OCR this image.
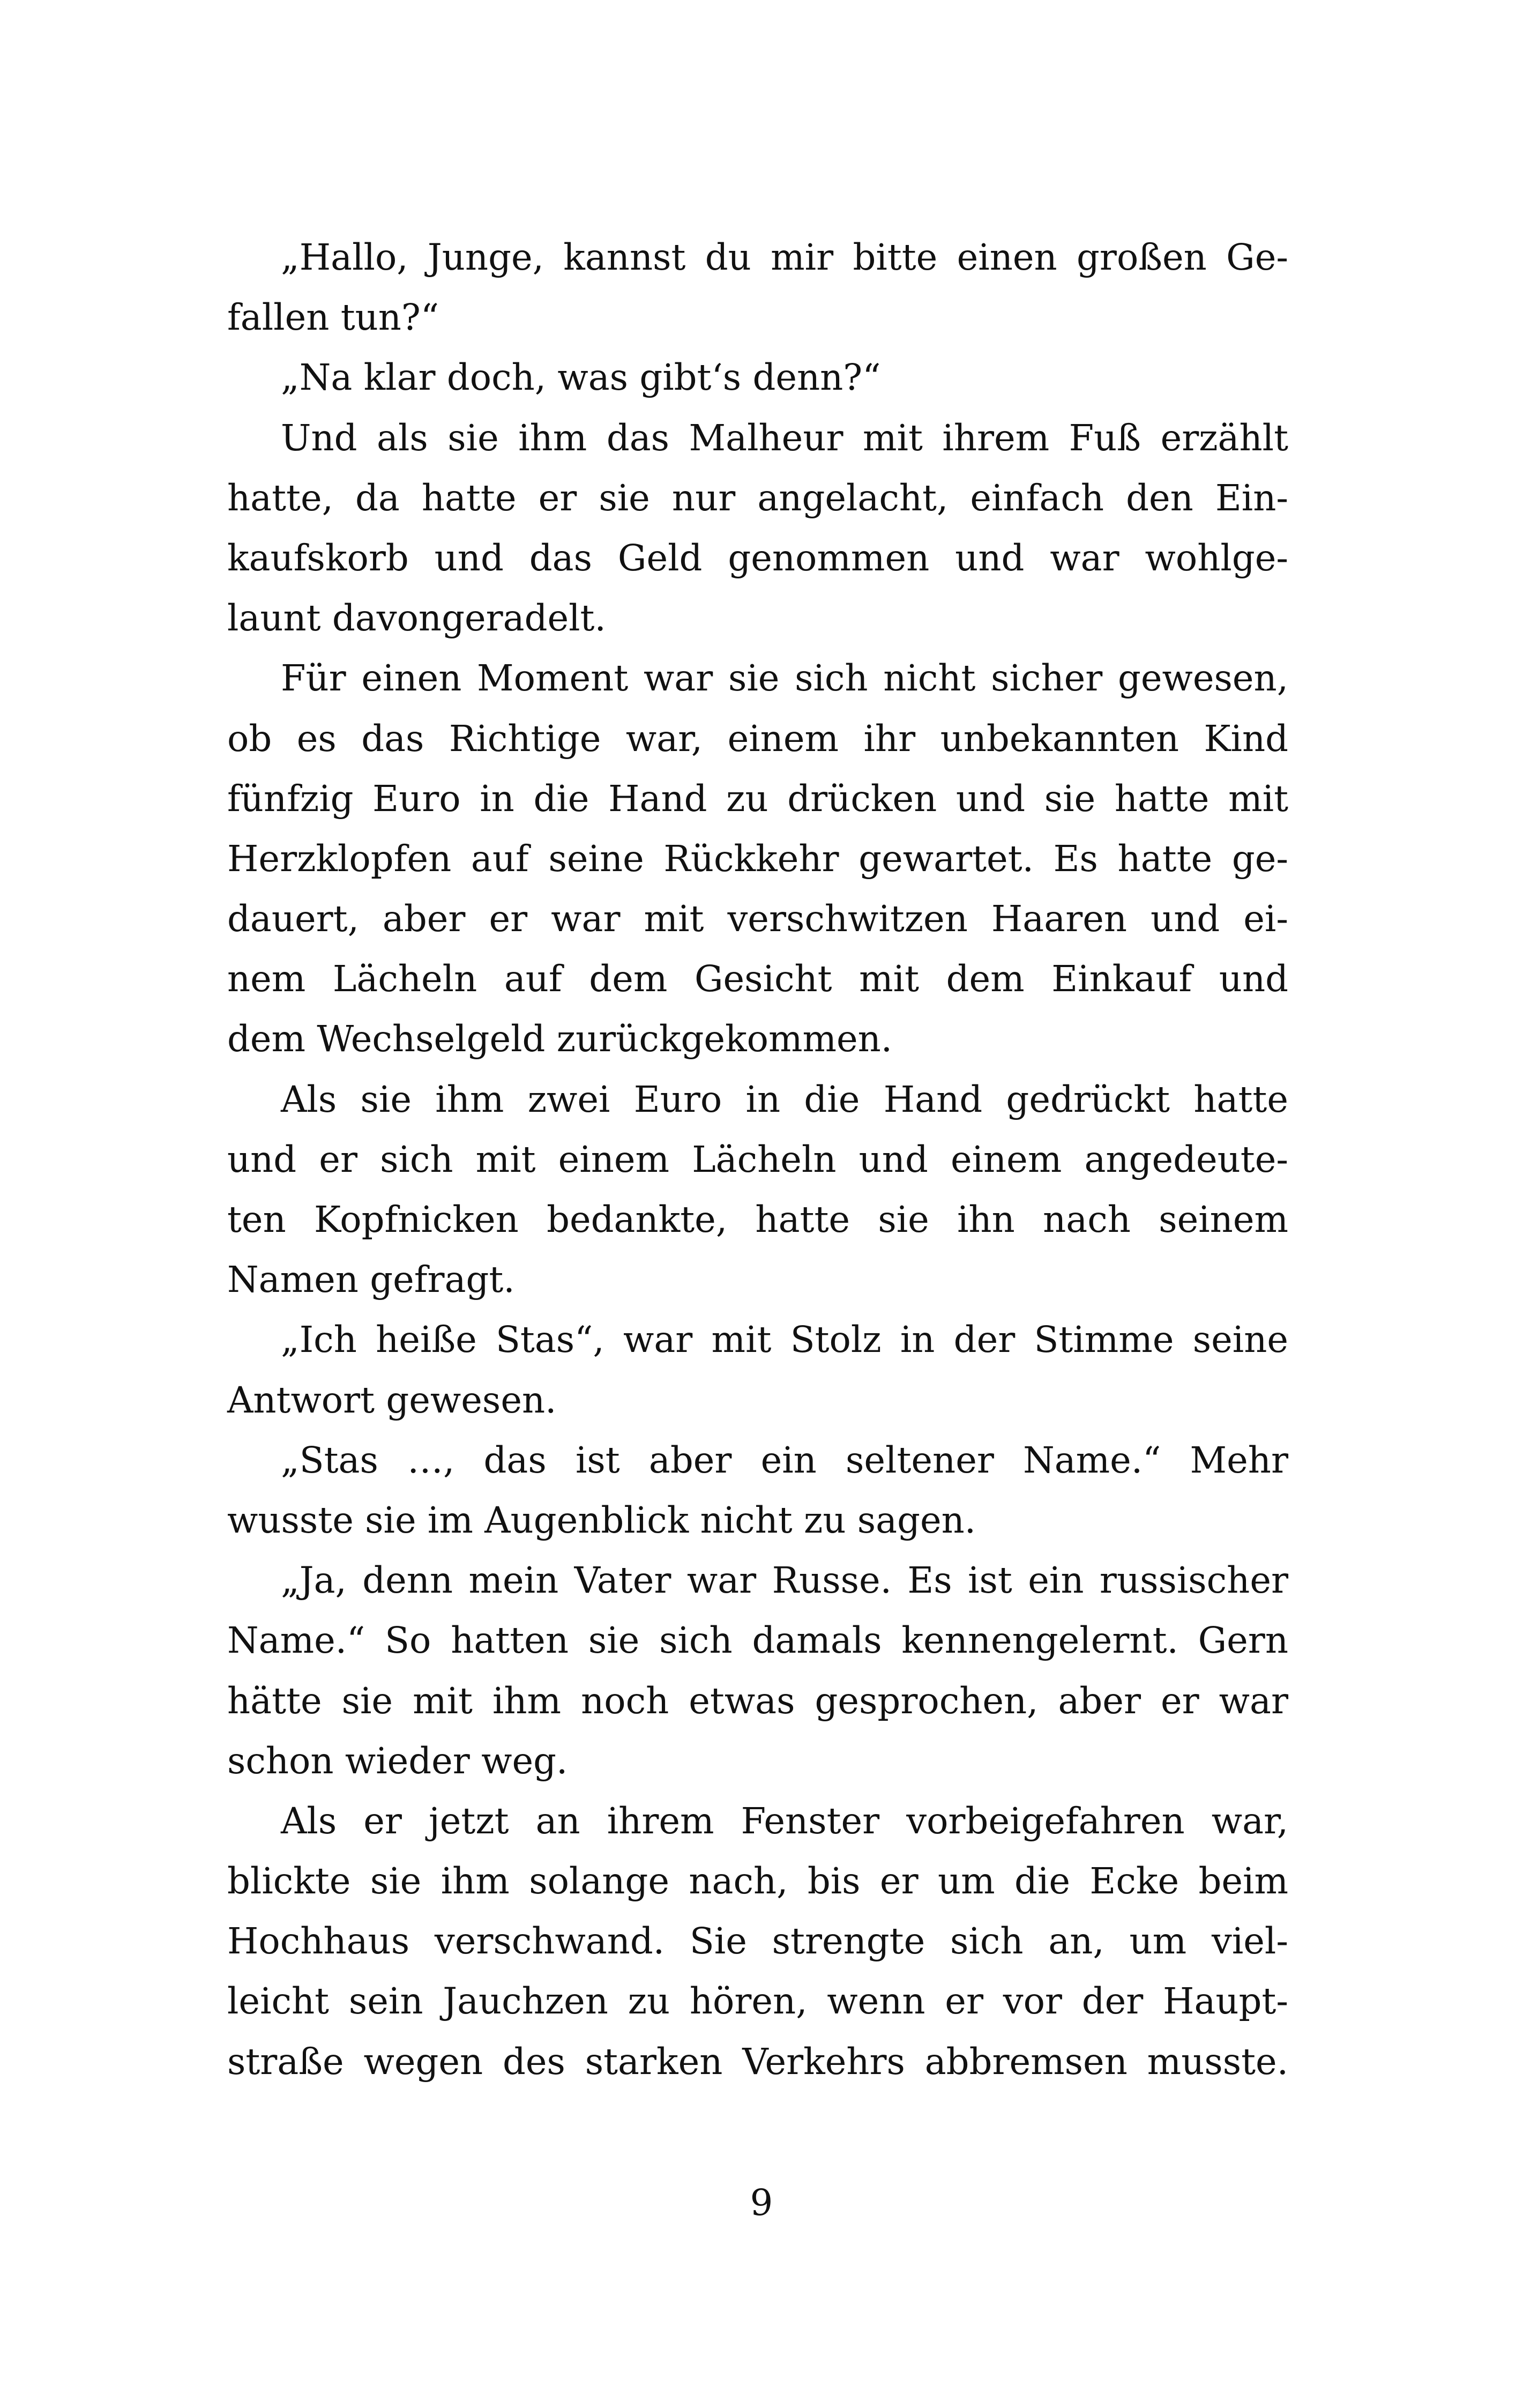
„Hallo, Junge, kannst du mir bitte einen großen Ge-
fallen tun?“
„Na klar doch, was gibt‘s denn?“
Und als sie ihm das Malheur mit ihrem Fuß erzählt
hatte, da hatte er sie nur angelacht, einfach den Ein-
kaufskorb und das Geld genommen und war wohlge-
launt davongeradelt.
Für einen Moment war sie sich nicht sicher gewesen,
ob es das Richtige war, einem ihr unbekannten Kind
fünfzig Euro in die Hand zu drücken und sie hatte mit
Herzklopfen auf seine Rückkehr gewartet. Es hatte ge-
dauert, aber er war mit verschwitzen Haaren und ei-
nem Lächeln auf dem Gesicht mit dem Einkauf und
dem Wechselgeld zurückgekommen.
Als sie ihm zwei Euro in die Hand gedrückt hatte
und er sich mit einem Lächeln und einem angedeute-
ten Kopfnicken bedankte, hatte sie ihn nach seinem
Namen gefragt.
„Ich heiße Stas“, war mit Stolz in der Stimme seine
Antwort gewesen.
„Stas …, das ist aber ein seltener Name.“ Mehr
wusste sie im Augenblick nicht zu sagen.
„Ja, denn mein Vater war Russe. Es ist ein russischer
Name.“ So hatten sie sich damals kennengelernt. Gern
hätte sie mit ihm noch etwas gesprochen, aber er war
schon wieder weg.
Als er jetzt an ihrem Fenster vorbeigefahren war,
blickte sie ihm solange nach, bis er um die Ecke beim
Hochhaus verschwand. Sie strengte sich an, um viel-
leicht sein Jauchzen zu hören, wenn er vor der Haupt-
straße wegen des starken Verkehrs abbremsen musste.
9
